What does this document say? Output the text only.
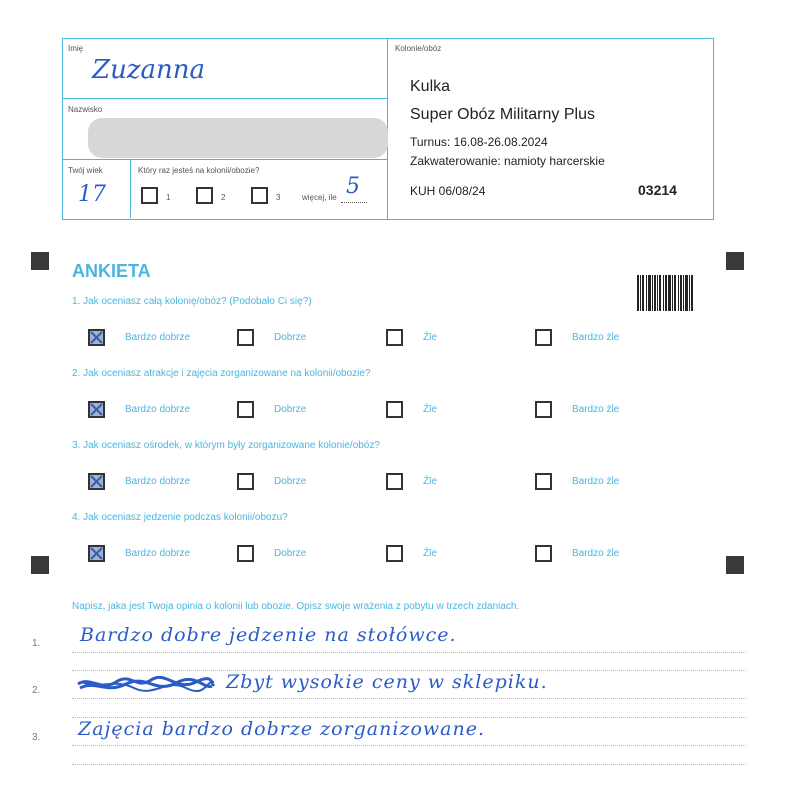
Imię
Zuzanna
Nazwisko
Twój wiek
17
Który raz jesteś na kolonii/obozie?
1	2	3	więcej, ile 5
Kolonie/obóz
Kulka
Super Obóz Militarny Plus
Turnus: 16.08-26.08.2024
Zakwaterowanie: namioty harcerskie
KUH 06/08/24	03214
ANKIETA
1. Jak oceniasz całą kolonię/obóz? (Podobało Ci się?)
Bardzo dobrze	Dobrze	Źle	Bardzo źle
2. Jak oceniasz atrakcje i zajęcia zorganizowane na kolonii/obozie?
Bardzo dobrze	Dobrze	Źle	Bardzo źle
3. Jak oceniasz ośrodek, w którym były zorganizowane kolonie/obóz?
Bardzo dobrze	Dobrze	Źle	Bardzo źle
4. Jak oceniasz jedzenie podczas kolonii/obozu?
Bardzo dobrze	Dobrze	Źle	Bardzo źle
Napisz, jaka jest Twoja opinia o kolonii lub obozie. Opisz swoje wrażenia z pobytu w trzech zdaniach.
1.
2.
3.
Bardzo dobre jedzenie na stołówce.
Zbyt wysokie ceny w sklepiku.
Zajęcia bardzo dobrze zorganizowane.
